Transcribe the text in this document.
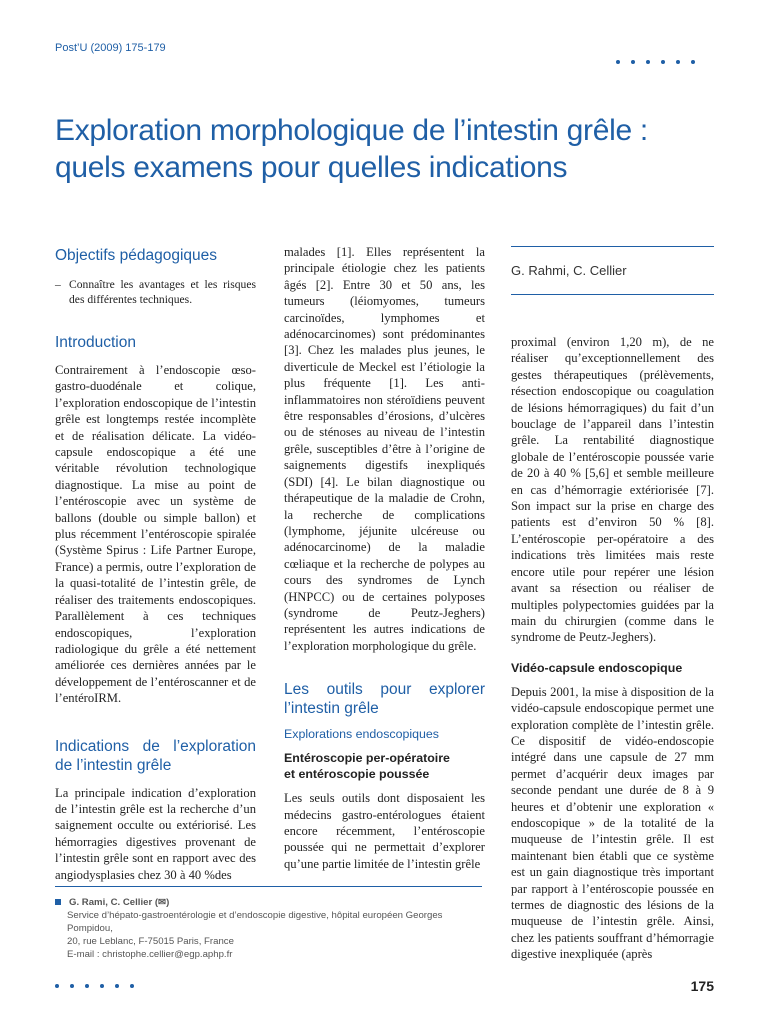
Post’U (2009) 175-179
Exploration morphologique de l’intestin grêle :
quels examens pour quelles indications
Objectifs pédagogiques
– Connaître les avantages et les risques des différentes techniques.
Introduction

Contrairement à l’endoscopie œso-gastro-duodénale et colique, l’exploration endoscopique de l’intestin grêle est longtemps restée incomplète et de réalisation délicate. La vidéo-capsule endoscopique a été une véritable révolution technologique diagnostique. La mise au point de l’entéroscopie avec un système de ballons (double ou simple ballon) et plus récemment l’entéroscopie spiralée (Système Spirus : Life Partner Europe, France) a permis, outre l’exploration de la quasi-totalité de l’intestin grêle, de réaliser des traitements endoscopiques. Parallèlement à ces techniques endoscopiques, l’exploration radiologique du grêle a été nettement améliorée ces dernières années par le développement de l’entéroscanner et de l’entéroIRM.

Indications de l’exploration de l’intestin grêle

La principale indication d’exploration de l’intestin grêle est la recherche d’un saignement occulte ou extériorisé. Les hémorragies digestives provenant de l’intestin grêle sont en rapport avec des angiodysplasies chez 30 à 40 %des

malades [1]. Elles représentent la principale étiologie chez les patients âgés [2]. Entre 30 et 50 ans, les tumeurs (léiomyomes, tumeurs carcinoïdes, lymphomes et adénocarcinomes) sont prédominantes [3]. Chez les malades plus jeunes, le diverticule de Meckel est l’étiologie la plus fréquente [1]. Les anti-inflammatoires non stéroïdiens peuvent être responsables d’érosions, d’ulcères ou de sténoses au niveau de l’intestin grêle, susceptibles d’être à l’origine de saignements digestifs inexpliqués (SDI) [4]. Le bilan diagnostique ou thérapeutique de la maladie de Crohn, la recherche de complications (lymphome, jéjunite ulcéreuse ou adénocarcinome) de la maladie cœliaque et la recherche de polypes au cours des syndromes de Lynch (HNPCC) ou de certaines polyposes (syndrome de Peutz-Jeghers) représentent les autres indications de l’exploration morphologique du grêle.

Les outils pour explorer l’intestin grêle
Explorations endoscopiques
Entéroscopie per-opératoire
et entéroscopie poussée

Les seuls outils dont disposaient les médecins gastro-entérologues étaient encore récemment, l’entéroscopie poussée qui ne permettait d’explorer qu’une partie limitée de l’intestin grêle

G. Rahmi, C. Cellier

proximal (environ 1,20 m), de ne réaliser qu’exceptionnellement des gestes thérapeutiques (prélèvements, résection endoscopique ou coagulation de lésions hémorragiques) du fait d’un bouclage de l’appareil dans l’intestin grêle. La rentabilité diagnostique globale de l’entéroscopie poussée varie de 20 à 40 % [5,6] et semble meilleure en cas d’hémorragie extériorisée [7]. Son impact sur la prise en charge des patients est d’environ 50 % [8]. L’entéroscopie per-opératoire a des indications très limitées mais reste encore utile pour repérer une lésion avant sa résection ou réaliser de multiples polypectomies guidées par la main du chirurgien (comme dans le syndrome de Peutz-Jeghers).

Vidéo-capsule endoscopique

Depuis 2001, la mise à disposition de la vidéo-capsule endoscopique permet une exploration complète de l’intestin grêle. Ce dispositif de vidéo-endoscopie intégré dans une capsule de 27 mm permet d’acquérir deux images par seconde pendant une durée de 8 à 9 heures et d’obtenir une exploration « endoscopique » de la totalité de la muqueuse de l’intestin grêle. Il est maintenant bien établi que ce système est un gain diagnostique très important par rapport à l’entéroscopie poussée en termes de diagnostic des lésions de la muqueuse de l’intestin grêle. Ainsi, chez les patients souffrant d’hémorragie digestive inexpliquée (après

G. Rami, C. Cellier (✉)
Service d’hépato-gastroentérologie et d’endoscopie digestive, hôpital européen Georges Pompidou,
20, rue Leblanc, F-75015 Paris, France
E-mail : christophe.cellier@egp.aphp.fr
175
